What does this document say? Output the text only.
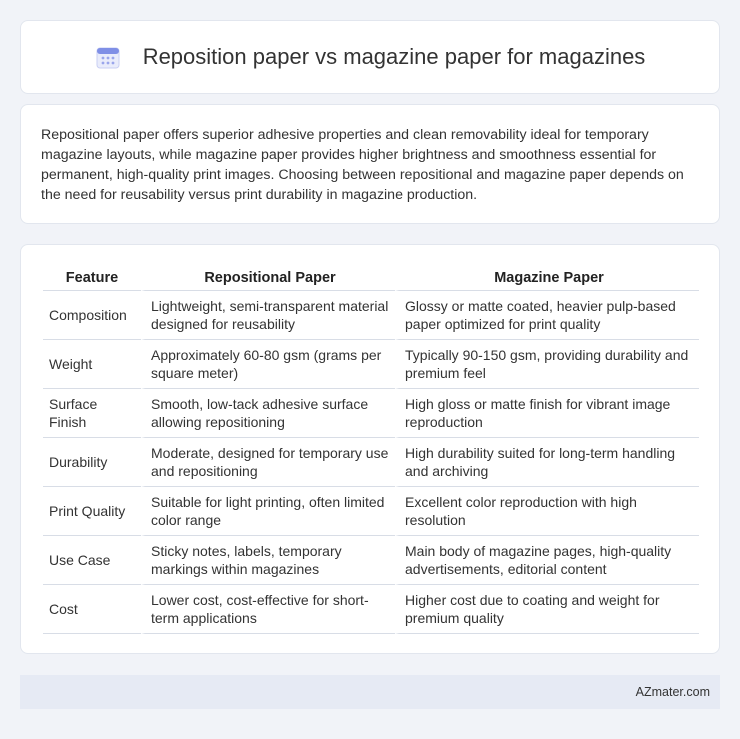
Reposition paper vs magazine paper for magazines

Repositional paper offers superior adhesive properties and clean removability ideal for temporary magazine layouts, while magazine paper provides higher brightness and smoothness essential for permanent, high-quality print images. Choosing between repositional and magazine paper depends on the need for reusability versus print durability in magazine production.

Feature	Repositional Paper	Magazine Paper
Composition	Lightweight, semi-transparent material designed for reusability	Glossy or matte coated, heavier pulp-based paper optimized for print quality
Weight	Approximately 60-80 gsm (grams per square meter)	Typically 90-150 gsm, providing durability and premium feel
Surface Finish	Smooth, low-tack adhesive surface allowing repositioning	High gloss or matte finish for vibrant image reproduction
Durability	Moderate, designed for temporary use and repositioning	High durability suited for long-term handling and archiving
Print Quality	Suitable for light printing, often limited color range	Excellent color reproduction with high resolution
Use Case	Sticky notes, labels, temporary markings within magazines	Main body of magazine pages, high-quality advertisements, editorial content
Cost	Lower cost, cost-effective for short-term applications	Higher cost due to coating and weight for premium quality
AZmater.com
